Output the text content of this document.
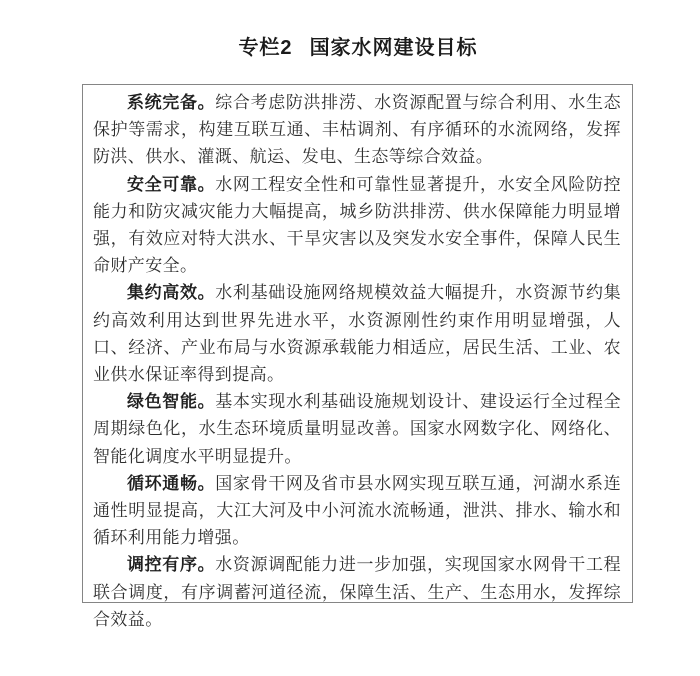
专栏2 国家水网建设目标

系统完备。综合考虑防洪排涝、水资源配置与综合利用、水生态保护等需求，构建互联互通、丰枯调剂、有序循环的水流网络，发挥防洪、供水、灌溉、航运、发电、生态等综合效益。

安全可靠。水网工程安全性和可靠性显著提升，水安全风险防控能力和防灾减灾能力大幅提高，城乡防洪排涝、供水保障能力明显增强，有效应对特大洪水、干旱灾害以及突发水安全事件，保障人民生命财产安全。

集约高效。水利基础设施网络规模效益大幅提升，水资源节约集约高效利用达到世界先进水平，水资源刚性约束作用明显增强，人口、经济、产业布局与水资源承载能力相适应，居民生活、工业、农业供水保证率得到提高。

绿色智能。基本实现水利基础设施规划设计、建设运行全过程全周期绿色化，水生态环境质量明显改善。国家水网数字化、网络化、智能化调度水平明显提升。

循环通畅。国家骨干网及省市县水网实现互联互通，河湖水系连通性明显提高，大江大河及中小河流水流畅通，泄洪、排水、输水和循环利用能力增强。

调控有序。水资源调配能力进一步加强，实现国家水网骨干工程联合调度，有序调蓄河道径流，保障生活、生产、生态用水，发挥综合效益。
